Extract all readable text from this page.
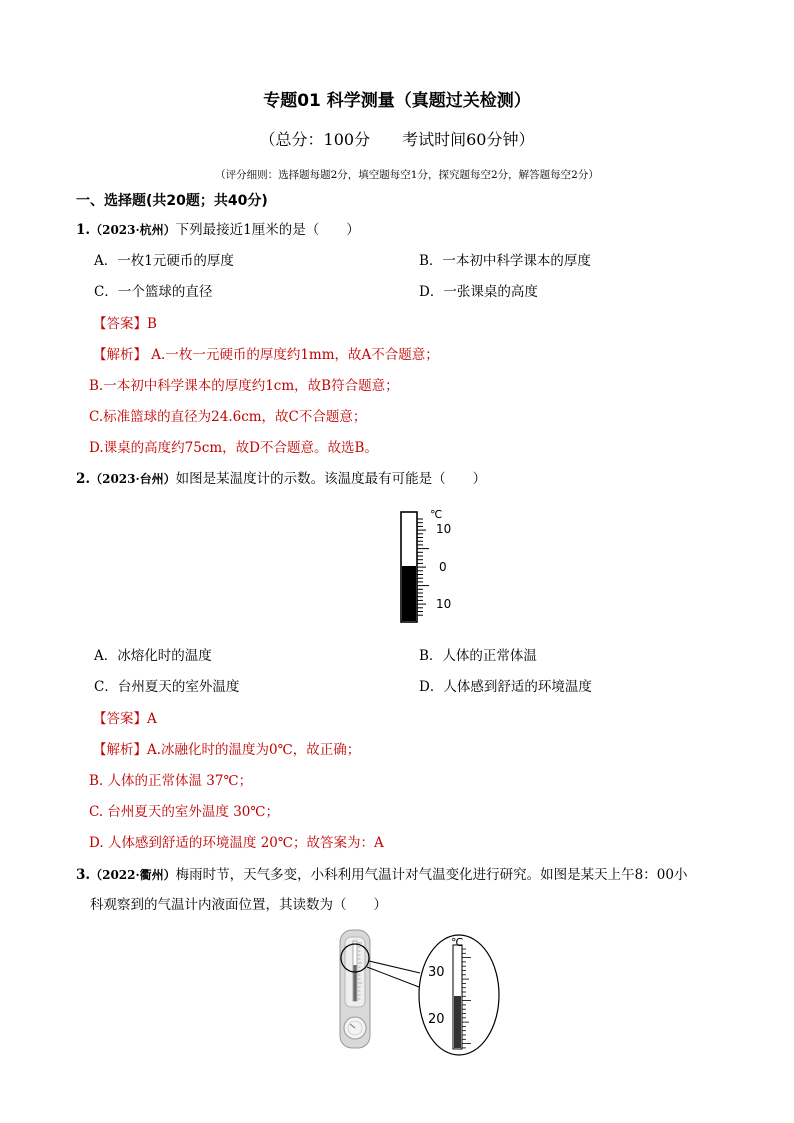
专题01 科学测量（真题过关检测）
（总分：100分　　考试时间60分钟）
（评分细则：选择题每题2分，填空题每空1分，探究题每空2分，解答题每空2分）
一、选择题(共20题；共40分)
1.（2023·杭州）下列最接近1厘米的是（　　）
A．一枚1元硬币的厚度	B．一本初中科学课本的厚度
C．一个篮球的直径	D．一张课桌的高度
【答案】B
【解析】 A.一枚一元硬币的厚度约1mm，故A不合题意；
B.一本初中科学课本的厚度约1cm，故B符合题意；
C.标准篮球的直径为24.6cm，故C不合题意；
D.课桌的高度约75cm，故D不合题意。故选B。
2.（2023·台州）如图是某温度计的示数。该温度最有可能是（　　）
℃
10
0
10
A．冰熔化时的温度	B．人体的正常体温
C．台州夏天的室外温度	D．人体感到舒适的环境温度
【答案】A
【解析】A.冰融化时的温度为0℃，故正确；
B. 人体的正常体温 37℃；
C. 台州夏天的室外温度 30℃；
D. 人体感到舒适的环境温度 20℃；故答案为：A
3.（2022·衢州）梅雨时节，天气多变，小科利用气温计对气温变化进行研究。如图是某天上午8：00小
科观察到的气温计内液面位置，其读数为（　　）
℃
30
20
